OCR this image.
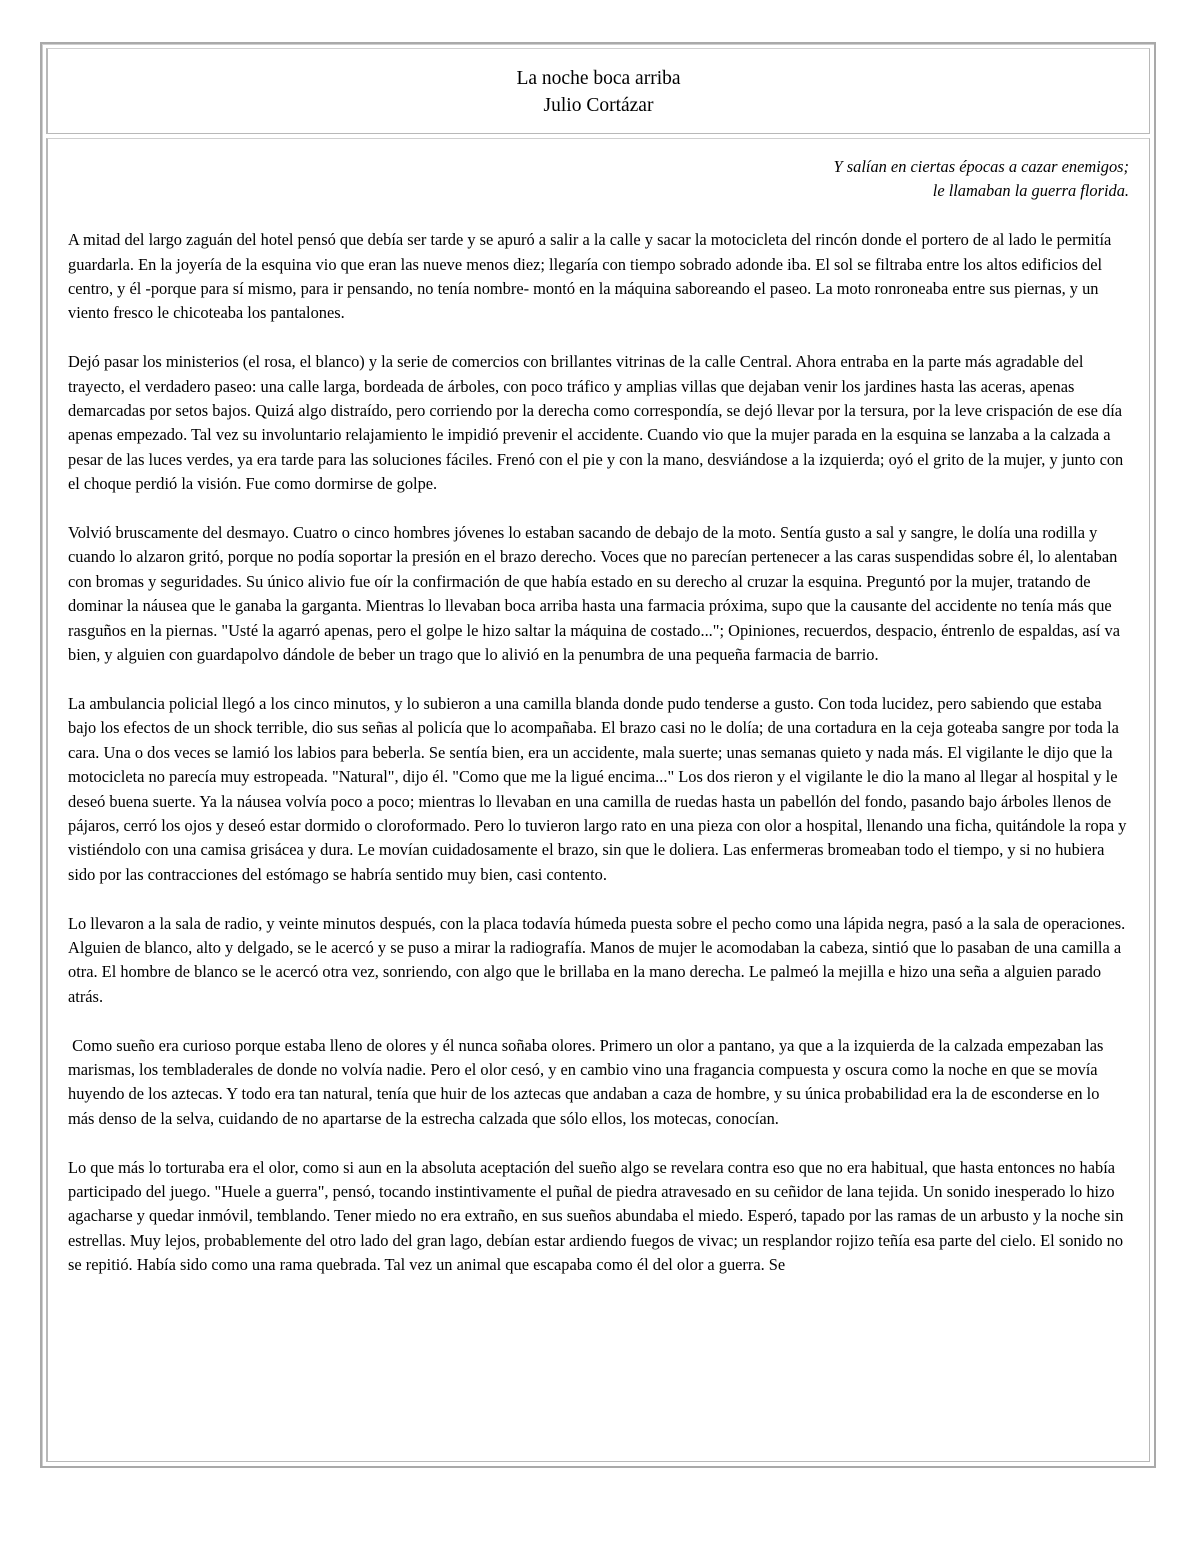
La noche boca arriba
Julio Cortázar
Y salían en ciertas épocas a cazar enemigos;
le llamaban la guerra florida.

A mitad del largo zaguán del hotel pensó que debía ser tarde y se apuró a salir a la calle y sacar la motocicleta del rincón donde el portero de al lado le permitía guardarla. En la joyería de la esquina vio que eran las nueve menos diez; llegaría con tiempo sobrado adonde iba. El sol se filtraba entre los altos edificios del centro, y él -porque para sí mismo, para ir pensando, no tenía nombre- montó en la máquina saboreando el paseo. La moto ronroneaba entre sus piernas, y un viento fresco le chicoteaba los pantalones.

Dejó pasar los ministerios (el rosa, el blanco) y la serie de comercios con brillantes vitrinas de la calle Central. Ahora entraba en la parte más agradable del trayecto, el verdadero paseo: una calle larga, bordeada de árboles, con poco tráfico y amplias villas que dejaban venir los jardines hasta las aceras, apenas demarcadas por setos bajos. Quizá algo distraído, pero corriendo por la derecha como correspondía, se dejó llevar por la tersura, por la leve crispación de ese día apenas empezado. Tal vez su involuntario relajamiento le impidió prevenir el accidente. Cuando vio que la mujer parada en la esquina se lanzaba a la calzada a pesar de las luces verdes, ya era tarde para las soluciones fáciles. Frenó con el pie y con la mano, desviándose a la izquierda; oyó el grito de la mujer, y junto con el choque perdió la visión. Fue como dormirse de golpe.

Volvió bruscamente del desmayo. Cuatro o cinco hombres jóvenes lo estaban sacando de debajo de la moto. Sentía gusto a sal y sangre, le dolía una rodilla y cuando lo alzaron gritó, porque no podía soportar la presión en el brazo derecho. Voces que no parecían pertenecer a las caras suspendidas sobre él, lo alentaban con bromas y seguridades. Su único alivio fue oír la confirmación de que había estado en su derecho al cruzar la esquina. Preguntó por la mujer, tratando de dominar la náusea que le ganaba la garganta. Mientras lo llevaban boca arriba hasta una farmacia próxima, supo que la causante del accidente no tenía más que rasguños en la piernas. "Usté la agarró apenas, pero el golpe le hizo saltar la máquina de costado..."; Opiniones, recuerdos, despacio, éntrenlo de espaldas, así va bien, y alguien con guardapolvo dándole de beber un trago que lo alivió en la penumbra de una pequeña farmacia de barrio.

La ambulancia policial llegó a los cinco minutos, y lo subieron a una camilla blanda donde pudo tenderse a gusto. Con toda lucidez, pero sabiendo que estaba bajo los efectos de un shock terrible, dio sus señas al policía que lo acompañaba. El brazo casi no le dolía; de una cortadura en la ceja goteaba sangre por toda la cara. Una o dos veces se lamió los labios para beberla. Se sentía bien, era un accidente, mala suerte; unas semanas quieto y nada más. El vigilante le dijo que la motocicleta no parecía muy estropeada. "Natural", dijo él. "Como que me la ligué encima..." Los dos rieron y el vigilante le dio la mano al llegar al hospital y le deseó buena suerte. Ya la náusea volvía poco a poco; mientras lo llevaban en una camilla de ruedas hasta un pabellón del fondo, pasando bajo árboles llenos de pájaros, cerró los ojos y deseó estar dormido o cloroformado. Pero lo tuvieron largo rato en una pieza con olor a hospital, llenando una ficha, quitándole la ropa y vistiéndolo con una camisa grisácea y dura. Le movían cuidadosamente el brazo, sin que le doliera. Las enfermeras bromeaban todo el tiempo, y si no hubiera sido por las contracciones del estómago se habría sentido muy bien, casi contento.

Lo llevaron a la sala de radio, y veinte minutos después, con la placa todavía húmeda puesta sobre el pecho como una lápida negra, pasó a la sala de operaciones. Alguien de blanco, alto y delgado, se le acercó y se puso a mirar la radiografía. Manos de mujer le acomodaban la cabeza, sintió que lo pasaban de una camilla a otra. El hombre de blanco se le acercó otra vez, sonriendo, con algo que le brillaba en la mano derecha. Le palmeó la mejilla e hizo una seña a alguien parado atrás.

Como sueño era curioso porque estaba lleno de olores y él nunca soñaba olores. Primero un olor a pantano, ya que a la izquierda de la calzada empezaban las marismas, los tembladerales de donde no volvía nadie. Pero el olor cesó, y en cambio vino una fragancia compuesta y oscura como la noche en que se movía huyendo de los aztecas. Y todo era tan natural, tenía que huir de los aztecas que andaban a caza de hombre, y su única probabilidad era la de esconderse en lo más denso de la selva, cuidando de no apartarse de la estrecha calzada que sólo ellos, los motecas, conocían.

Lo que más lo torturaba era el olor, como si aun en la absoluta aceptación del sueño algo se revelara contra eso que no era habitual, que hasta entonces no había participado del juego. "Huele a guerra", pensó, tocando instintivamente el puñal de piedra atravesado en su ceñidor de lana tejida. Un sonido inesperado lo hizo agacharse y quedar inmóvil, temblando. Tener miedo no era extraño, en sus sueños abundaba el miedo. Esperó, tapado por las ramas de un arbusto y la noche sin estrellas. Muy lejos, probablemente del otro lado del gran lago, debían estar ardiendo fuegos de vivac; un resplandor rojizo teñía esa parte del cielo. El sonido no se repitió. Había sido como una rama quebrada. Tal vez un animal que escapaba como él del olor a guerra. Se
